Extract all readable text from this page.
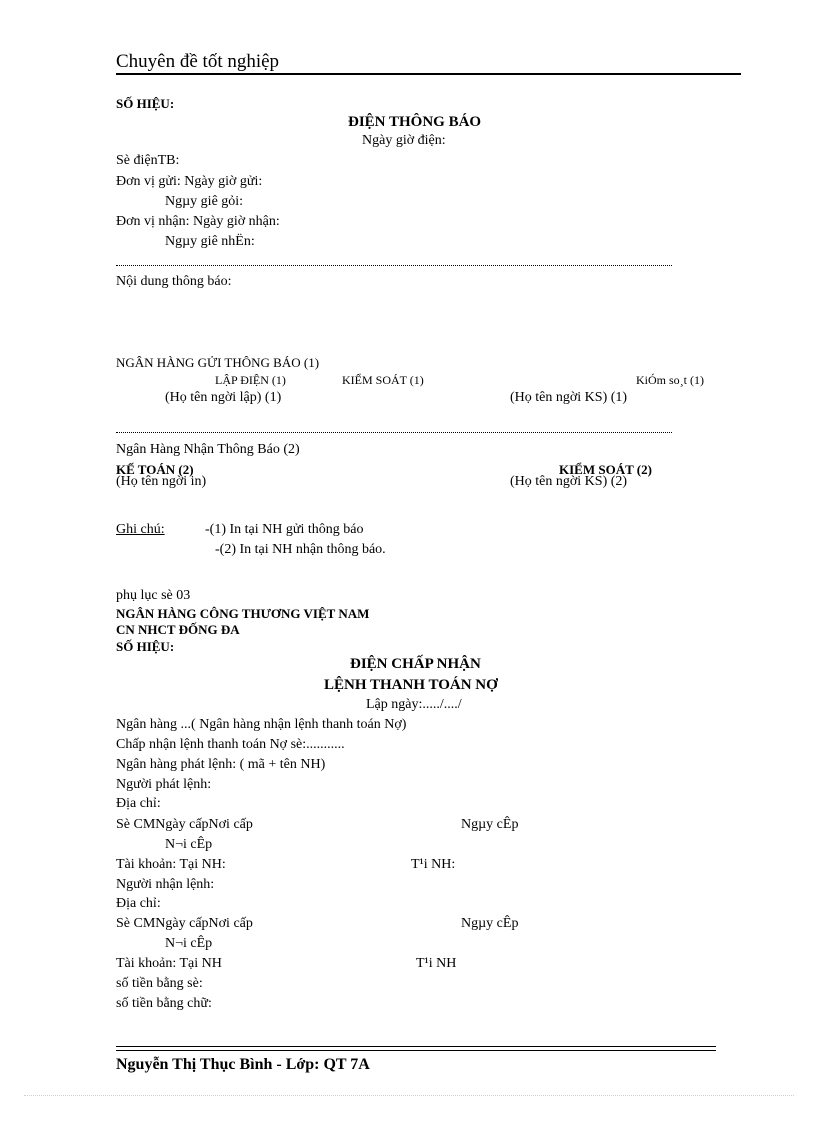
Chuyên đề tốt nghiệp
SỐ HIỆU:
ĐIỆN THÔNG BÁO
Ngày giờ điện:
Sè điệnTB:
Đơn vị gửi: Ngày giờ gửi:
Ngµy giê gỏi:
Đơn vị nhận: Ngày giờ nhận:
Ngµy giê nhËn:
Nội dung thông báo:
NGÂN HÀNG GỬI THÔNG BÁO (1)
LẬP ĐIỆN (1)	KIỂM SOÁT (1)	KiÓm so¸t (1)
(Họ tên ngời lập) (1)	(Họ tên ngời KS) (1)
Ngân Hàng Nhận Thông Báo (2)
KẾ TOÁN (2)	KIỂM SOÁT (2)
(Họ tên ngời in)	(Họ tên ngời KS) (2)
Ghi chú:	-(1) In tại NH gửi thông báo
-(2) In tại NH nhận thông báo.
phụ lục sè 03
NGÂN HÀNG CÔNG THƯƠNG VIỆT NAM
CN NHCT ĐỐNG ĐA
SỐ HIỆU:
ĐIỆN CHẤP NHẬN
LỆNH THANH TOÁN NỢ
Lập ngày:...../..../
Ngân hàng ...( Ngân hàng nhận lệnh thanh toán Nợ)
Chấp nhận lệnh thanh toán Nợ sè:...........
Ngân hàng phát lệnh: ( mã + tên NH)
Người phát lệnh:
Địa chỉ:
Sè CMNgày cấpNơi cấp	Ngµy cÊp
N¬i cÊp
Tài khoản: Tại NH:	T¹i NH:
Người nhận lệnh:
Địa chỉ:
Sè CMNgày cấpNơi cấp	Ngµy cÊp
N¬i cÊp
Tài khoản: Tại NH	T¹i NH
số tiền bằng sè:
số tiền bằng chữ:
Nguyễn Thị Thục Bình - Lớp: QT 7A
